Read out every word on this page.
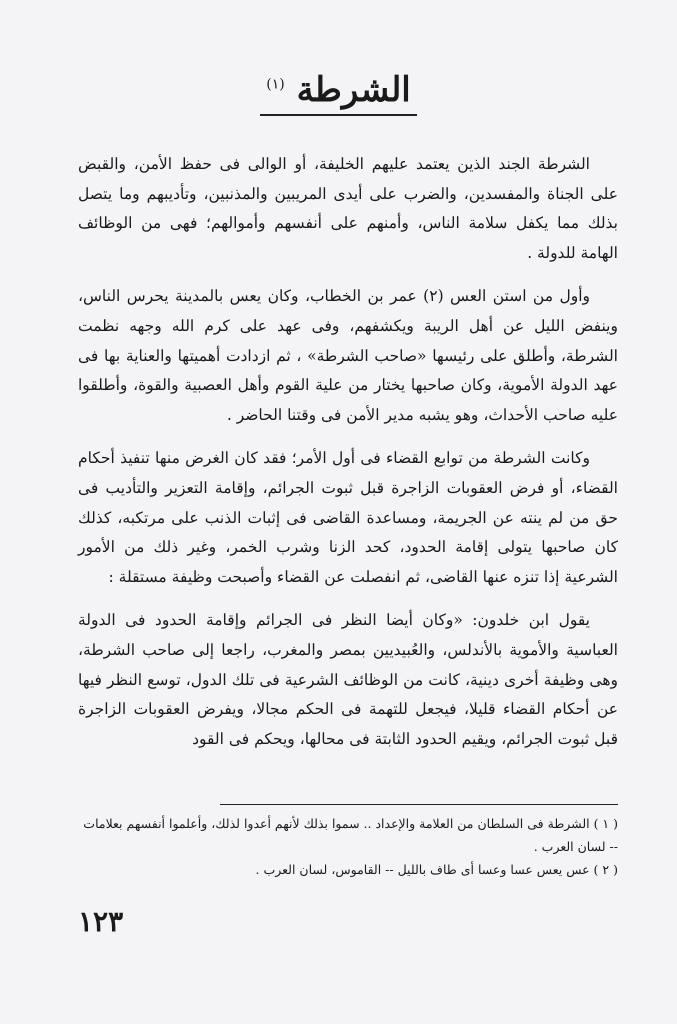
الشرطة $^{(١)}$

الشرطة الجند الذين يعتمد عليهم الخليفة، أو الوالى فى حفظ الأمن، والقبض على الجناة والمفسدين، والضرب على أيدى المريبين والمذنبين، وتأديبهم وما يتصل بذلك مما يكفل سلامة الناس، وأمنهم على أنفسهم وأموالهم؛ فهى من الوظائف الهامة للدولة .

وأول من استن العس (٢) عمر بن الخطاب، وكان يعس بالمدينة يحرس الناس، وينفض الليل عن أهل الريبة ويكشفهم، وفى عهد على كرم الله وجهه نظمت الشرطة، وأطلق على رئيسها «صاحب الشرطة» ، ثم ازدادت أهميتها والعناية بها فى عهد الدولة الأموية، وكان صاحبها يختار من علية القوم وأهل العصبية والقوة، وأطلقوا عليه صاحب الأحداث، وهو يشبه مدير الأمن فى وقتنا الحاضر .

وكانت الشرطة من توابع القضاء فى أول الأمر؛ فقد كان الغرض منها تنفيذ أحكام القضاء، أو فرض العقوبات الزاجرة قبل ثبوت الجرائم، وإقامة التعزير والتأديب فى حق من لم ينته عن الجريمة، ومساعدة القاضى فى إثبات الذنب على مرتكبه، كذلك كان صاحبها يتولى إقامة الحدود، كحد الزنا وشرب الخمر، وغير ذلك من الأمور الشرعية إذا تنزه عنها القاضى، ثم انفصلت عن القضاء وأصبحت وظيفة مستقلة :

يقول ابن خلدون: «وكان أيضا النظر فى الجرائم وإقامة الحدود فى الدولة العباسية والأموية بالأندلس، والعُبيديين بمصر والمغرب، راجعا إلى صاحب الشرطة، وهى وظيفة أخرى دينية، كانت من الوظائف الشرعية فى تلك الدول، توسع النظر فيها عن أحكام القضاء قليلا، فيجعل للتهمة فى الحكم مجالا، ويفرض العقوبات الزاجرة قبل ثبوت الجرائم، ويقيم الحدود الثابتة فى محالها، ويحكم فى القود

( ١ ) الشرطة فى السلطان من العلامة والإعداد .. سموا بذلك لأنهم أعدوا لذلك، وأعلموا أنفسهم بعلامات -- لسان العرب .

( ٢ ) عس يعس عسا وعسا أى طاف بالليل -- القاموس، لسان العرب .

١٢٣
